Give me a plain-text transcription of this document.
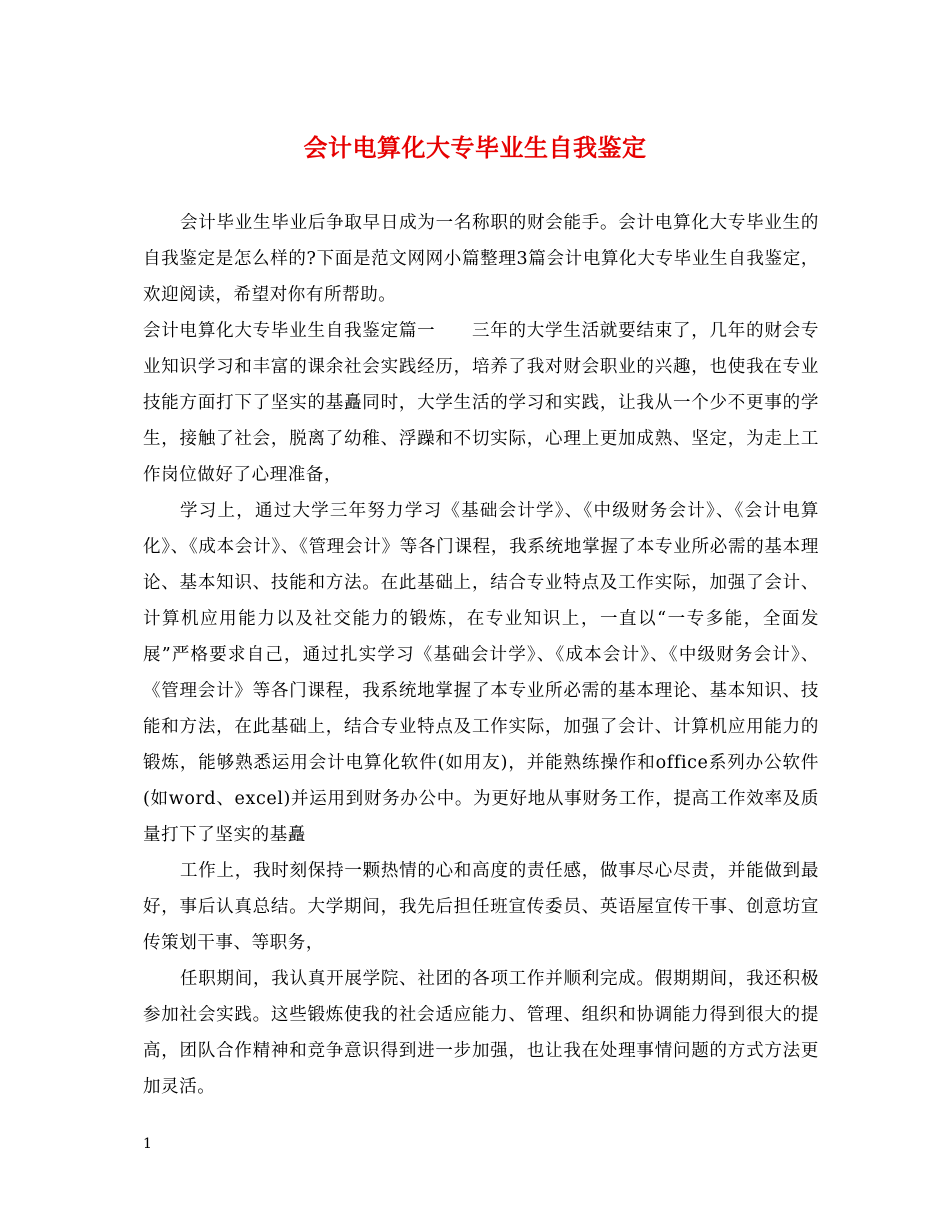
会计电算化大专毕业生自我鉴定

会计毕业生毕业后争取早日成为一名称职的财会能手。会计电算化大专毕业生的自我鉴定是怎么样的?下面是范文网网小篇整理3篇会计电算化大专毕业生自我鉴定，欢迎阅读，希望对你有所帮助。

会计电算化大专毕业生自我鉴定篇一　　三年的大学生活就要结束了，几年的财会专业知识学习和丰富的课余社会实践经历，培养了我对财会职业的兴趣，也使我在专业技能方面打下了坚实的基矗同时，大学生活的学习和实践，让我从一个少不更事的学生，接触了社会，脱离了幼稚、浮躁和不切实际，心理上更加成熟、坚定，为走上工作岗位做好了心理准备，

学习上，通过大学三年努力学习《基础会计学》、《中级财务会计》、《会计电算化》、《成本会计》、《管理会计》等各门课程，我系统地掌握了本专业所必需的基本理论、基本知识、技能和方法。在此基础上，结合专业特点及工作实际，加强了会计、计算机应用能力以及社交能力的锻炼，在专业知识上，一直以“一专多能，全面发展”严格要求自己，通过扎实学习《基础会计学》、《成本会计》、《中级财务会计》、《管理会计》等各门课程，我系统地掌握了本专业所必需的基本理论、基本知识、技能和方法，在此基础上，结合专业特点及工作实际，加强了会计、计算机应用能力的锻炼，能够熟悉运用会计电算化软件(如用友)，并能熟练操作和office系列办公软件(如word、excel)并运用到财务办公中。为更好地从事财务工作，提高工作效率及质量打下了坚实的基矗

工作上，我时刻保持一颗热情的心和高度的责任感，做事尽心尽责，并能做到最好，事后认真总结。大学期间，我先后担任班宣传委员、英语屋宣传干事、创意坊宣传策划干事、等职务，

任职期间，我认真开展学院、社团的各项工作并顺利完成。假期期间，我还积极参加社会实践。这些锻炼使我的社会适应能力、管理、组织和协调能力得到很大的提高，团队合作精神和竞争意识得到进一步加强，也让我在处理事情问题的方式方法更加灵活。

1
